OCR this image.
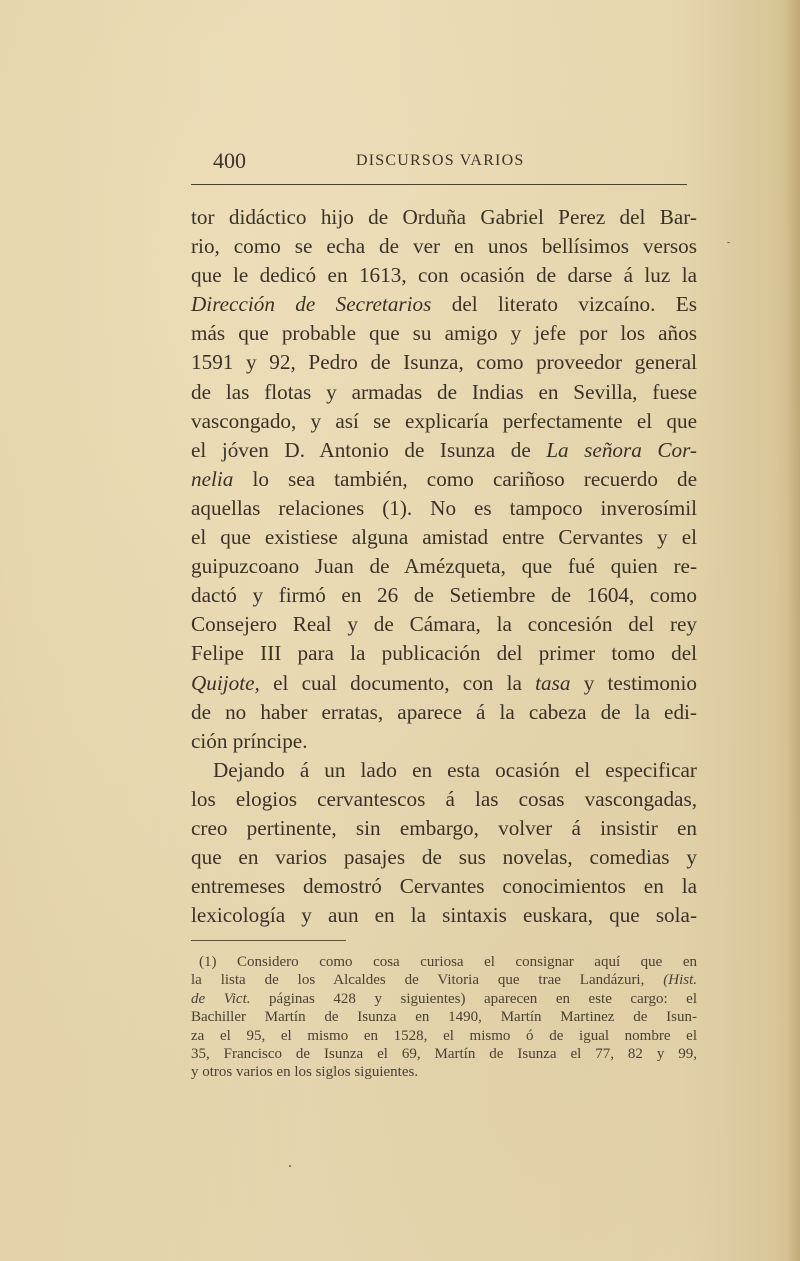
400	DISCURSOS VARIOS
tor didáctico hijo de Orduña Gabriel Perez del Bar-
rio, como se echa de ver en unos bellísimos versos
que le dedicó en 1613, con ocasión de darse á luz la
Dirección de Secretarios del literato vizcaíno. Es
más que probable que su amigo y jefe por los años
1591 y 92, Pedro de Isunza, como proveedor general
de las flotas y armadas de Indias en Sevilla, fuese
vascongado, y así se explicaría perfectamente el que
el jóven D. Antonio de Isunza de La señora Cor-
nelia lo sea también, como cariñoso recuerdo de
aquellas relaciones (1). No es tampoco inverosímil
el que existiese alguna amistad entre Cervantes y el
guipuzcoano Juan de Amézqueta, que fué quien re-
dactó y firmó en 26 de Setiembre de 1604, como
Consejero Real y de Cámara, la concesión del rey
Felipe III para la publicación del primer tomo del
Quijote, el cual documento, con la tasa y testimonio
de no haber erratas, aparece á la cabeza de la edi-
ción príncipe.
Dejando á un lado en esta ocasión el especificar
los elogios cervantescos á las cosas vascongadas,
creo pertinente, sin embargo, volver á insistir en
que en varios pasajes de sus novelas, comedias y
entremeses demostró Cervantes conocimientos en la
lexicología y aun en la sintaxis euskara, que sola-
(1) Considero como cosa curiosa el consignar aquí que en
la lista de los Alcaldes de Vitoria que trae Landázuri, (Hist.
de Vict. páginas 428 y siguientes) aparecen en este cargo: el
Bachiller Martín de Isunza en 1490, Martín Martinez de Isun-
za el 95, el mismo en 1528, el mismo ó de igual nombre el
35, Francisco de Isunza el 69, Martín de Isunza el 77, 82 y 99,
y otros varios en los siglos siguientes.
